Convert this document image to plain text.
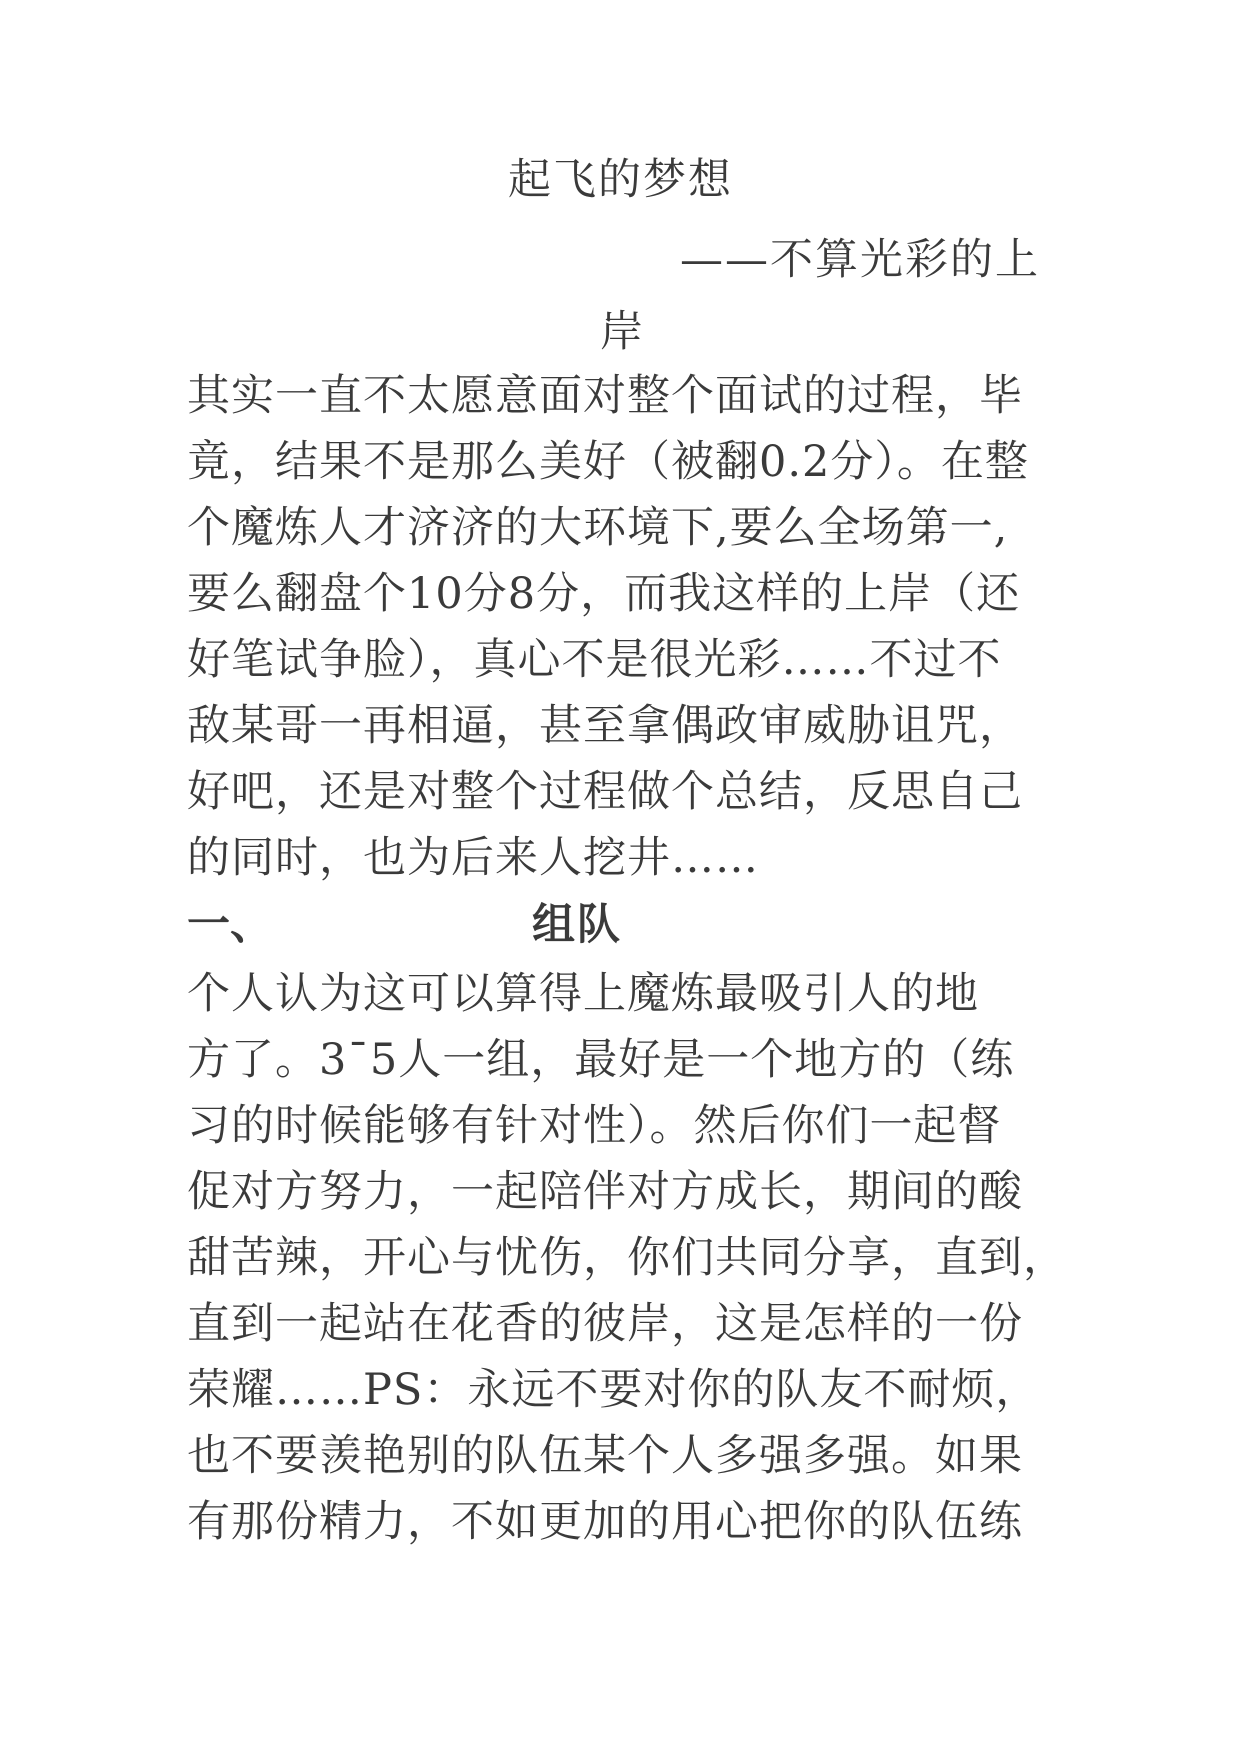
起飞的梦想
——不算光彩的上
岸
其实一直不太愿意面对整个面试的过程，毕
竟，结果不是那么美好（被翻0.2分）。在整
个魔炼人才济济的大环境下,要么全场第一,
要么翻盘个10分8分，而我这样的上岸（还
好笔试争脸），真心不是很光彩……不过不
敌某哥一再相逼，甚至拿偶政审威胁诅咒，
好吧，还是对整个过程做个总结，反思自己
的同时，也为后来人挖井……
一、	组队
个人认为这可以算得上魔炼最吸引人的地
方了。3¯5人一组，最好是一个地方的（练
习的时候能够有针对性）。然后你们一起督
促对方努力，一起陪伴对方成长，期间的酸
甜苦辣，开心与忧伤，你们共同分享，直到，
直到一起站在花香的彼岸，这是怎样的一份
荣耀……PS：永远不要对你的队友不耐烦，
也不要羡艳别的队伍某个人多强多强。如果
有那份精力，不如更加的用心把你的队伍练
